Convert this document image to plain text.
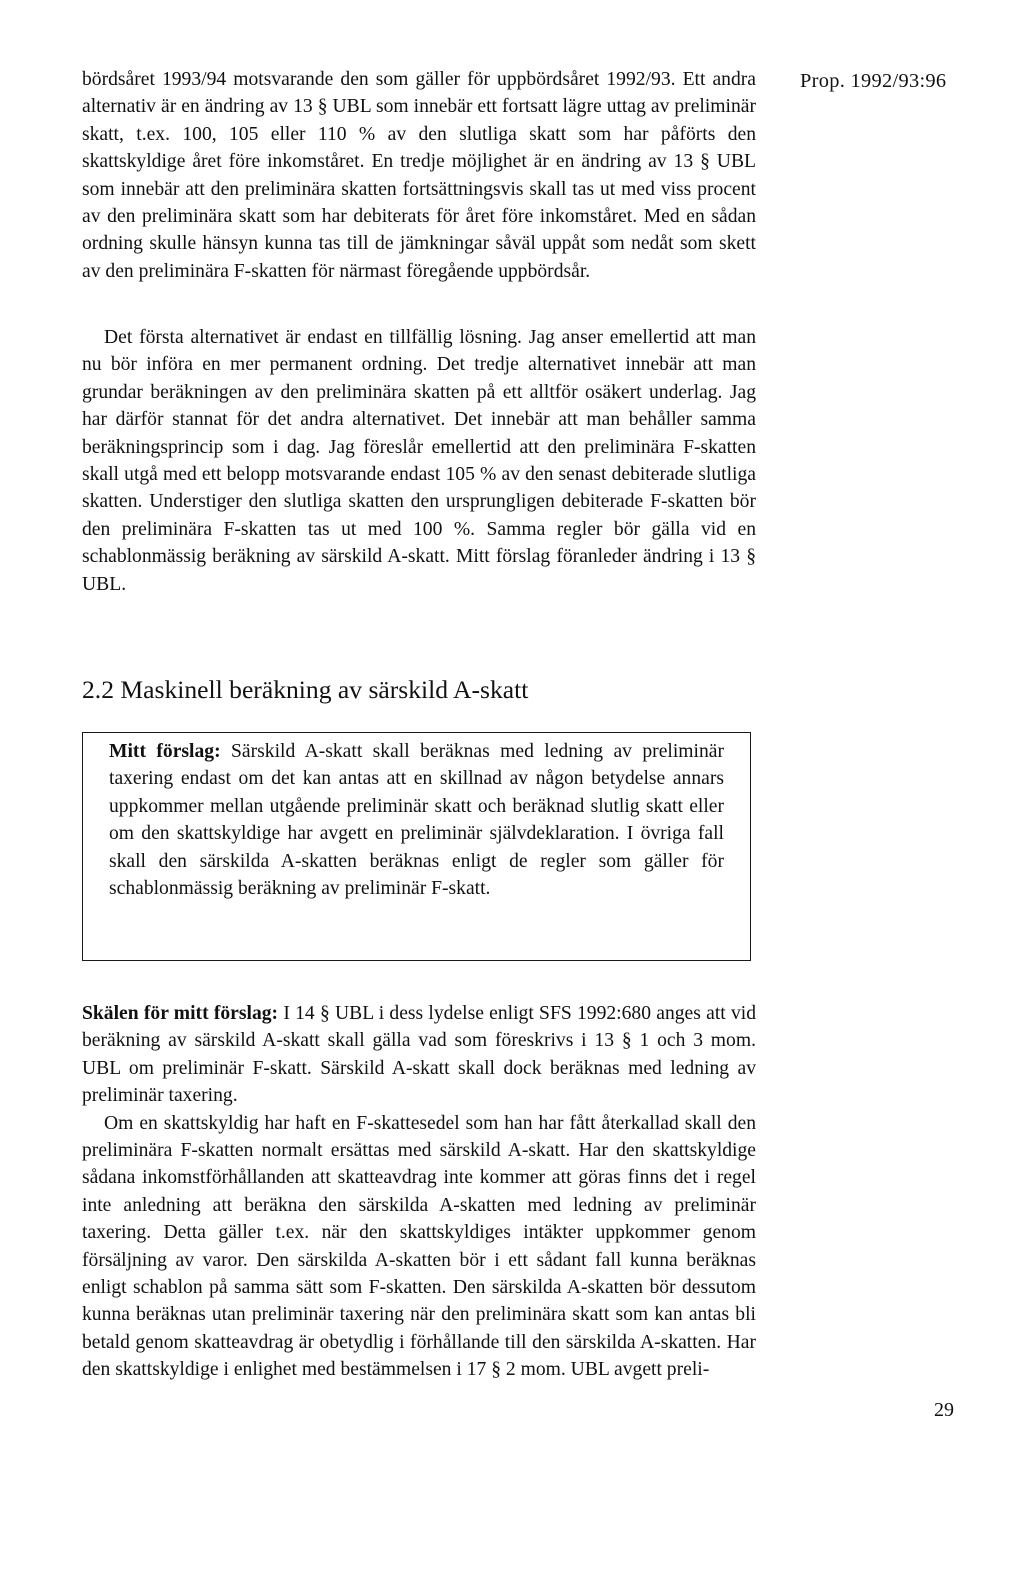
Prop. 1992/93:96

bördsåret 1993/94 motsvarande den som gäller för uppbördsåret 1992/93. Ett andra alternativ är en ändring av 13 § UBL som innebär ett fortsatt lägre uttag av preliminär skatt, t.ex. 100, 105 eller 110 % av den slutliga skatt som har påförts den skattskyldige året före inkomståret. En tredje möjlighet är en ändring av 13 § UBL som innebär att den preliminära skatten fortsättningsvis skall tas ut med viss procent av den preliminära skatt som har debiterats för året före inkomståret. Med en sådan ordning skulle hänsyn kunna tas till de jämkningar såväl uppåt som nedåt som skett av den preliminära F-skatten för närmast föregående uppbördsår.

Det första alternativet är endast en tillfällig lösning. Jag anser emellertid att man nu bör införa en mer permanent ordning. Det tredje alternativet innebär att man grundar beräkningen av den preliminära skatten på ett alltför osäkert underlag. Jag har därför stannat för det andra alternativet. Det innebär att man behåller samma beräkningsprincip som i dag. Jag föreslår emellertid att den preliminära F-skatten skall utgå med ett belopp motsvarande endast 105 % av den senast debiterade slutliga skatten. Understiger den slutliga skatten den ursprungligen debiterade F-skatten bör den preliminära F-skatten tas ut med 100 %. Samma regler bör gälla vid en schablonmässig beräkning av särskild A-skatt. Mitt förslag föranleder ändring i 13 § UBL.

2.2 Maskinell beräkning av särskild A-skatt

Mitt förslag: Särskild A-skatt skall beräknas med ledning av preliminär taxering endast om det kan antas att en skillnad av någon betydelse annars uppkommer mellan utgående preliminär skatt och beräknad slutlig skatt eller om den skattskyldige har avgett en preliminär självdeklaration. I övriga fall skall den särskilda A-skatten beräknas enligt de regler som gäller för schablonmässig beräkning av preliminär F-skatt.

Skälen för mitt förslag: I 14 § UBL i dess lydelse enligt SFS 1992:680 anges att vid beräkning av särskild A-skatt skall gälla vad som föreskrivs i 13 § 1 och 3 mom. UBL om preliminär F-skatt. Särskild A-skatt skall dock beräknas med ledning av preliminär taxering.

Om en skattskyldig har haft en F-skattesedel som han har fått återkallad skall den preliminära F-skatten normalt ersättas med särskild A-skatt. Har den skattskyldige sådana inkomstförhållanden att skatteavdrag inte kommer att göras finns det i regel inte anledning att beräkna den särskilda A-skatten med ledning av preliminär taxering. Detta gäller t.ex. när den skattskyldiges intäkter uppkommer genom försäljning av varor. Den särskilda A-skatten bör i ett sådant fall kunna beräknas enligt schablon på samma sätt som F-skatten. Den särskilda A-skatten bör dessutom kunna beräknas utan preliminär taxering när den preliminära skatt som kan antas bli betald genom skatteavdrag är obetydlig i förhållande till den särskilda A-skatten. Har den skattskyldige i enlighet med bestämmelsen i 17 § 2 mom. UBL avgett preli-

29
